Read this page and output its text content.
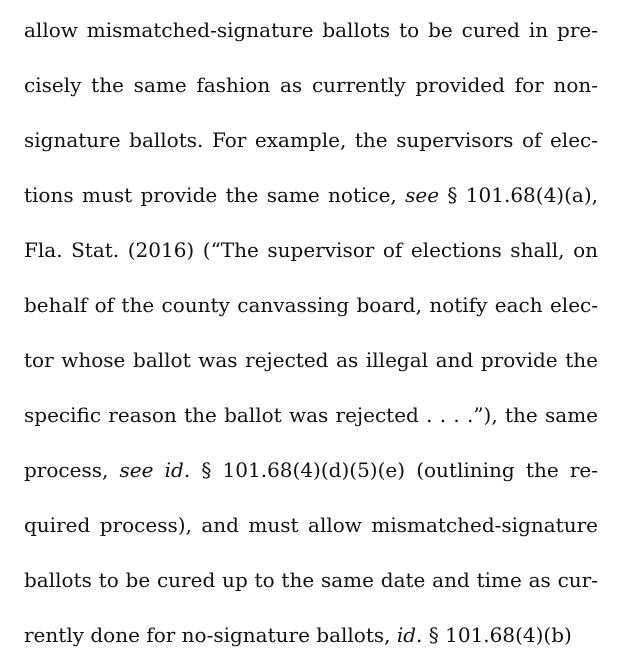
allow mismatched-signature ballots to be cured in pre-
cisely the same fashion as currently provided for non-
signature ballots. For example, the supervisors of elec-
tions must provide the same notice, see § 101.68(4)(a),
Fla. Stat. (2016) (“The supervisor of elections shall, on
behalf of the county canvassing board, notify each elec-
tor whose ballot was rejected as illegal and provide the
specific reason the ballot was rejected . . . .”), the same
process, see id. § 101.68(4)(d)(5)(e) (outlining the re-
quired process), and must allow mismatched-signature
ballots to be cured up to the same date and time as cur-
rently done for no-signature ballots, id. § 101.68(4)(b)
